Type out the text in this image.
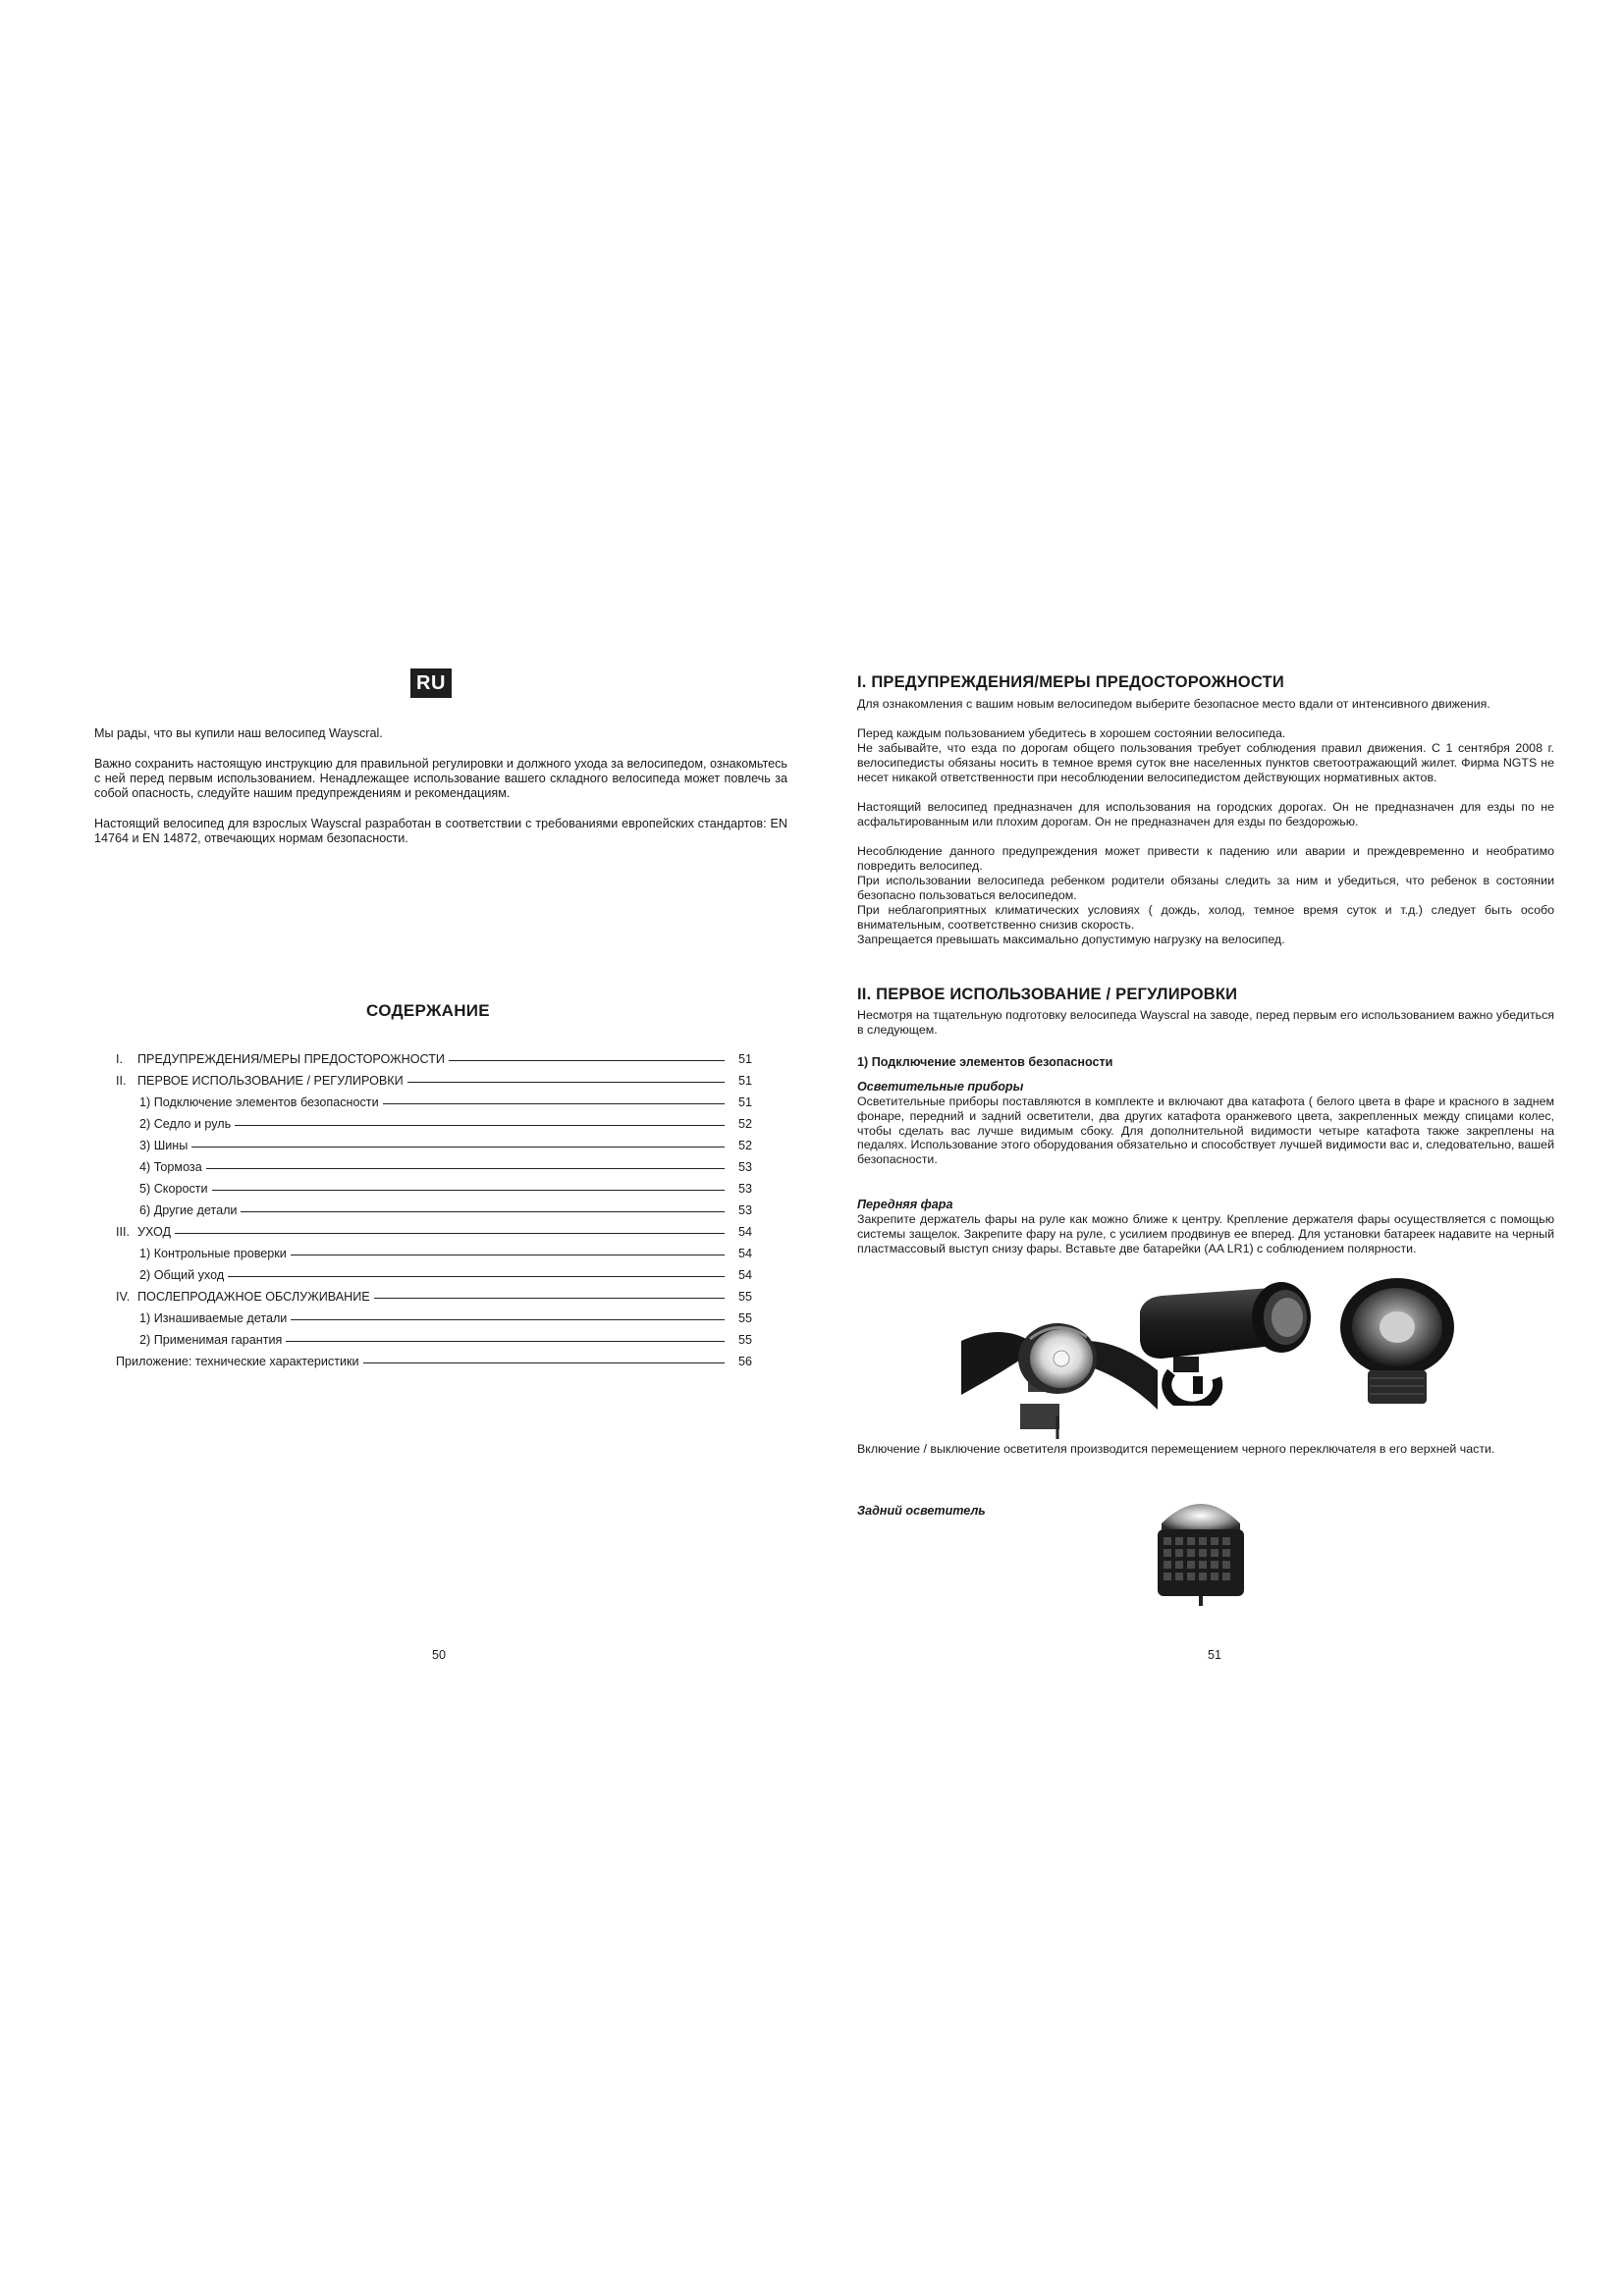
RU

Мы рады, что вы купили наш велосипед Wayscral.

Важно сохранить настоящую инструкцию для правильной регулировки и должного ухода за велосипедом, ознакомьтесь с ней перед первым использованием. Ненадлежащее использование вашего складного велосипеда может повлечь за собой опасность, следуйте нашим предупреждениям и рекомендациям.

Настоящий велосипед для взрослых Wayscral разработан в соответствии с требованиями европейских стандартов: EN 14764 и EN 14872, отвечающих нормам безопасности.

СОДЕРЖАНИЕ
I.	ПРЕДУПРЕЖДЕНИЯ/МЕРЫ ПРЕДОСТОРОЖНОСТИ	51
II. ПЕРВОЕ ИСПОЛЬЗОВАНИЕ / РЕГУЛИРОВКИ	51
1) Подключение элементов безопасности	51
2) Седло и руль	52
3) Шины	52
4) Тормоза	53
5) Скорости	53
6) Другие детали	53
III. УХОД	54
1) Контрольные проверки	54
2) Общий уход	54
IV. ПОСЛЕПРОДАЖНОЕ ОБСЛУЖИВАНИЕ	55
1) Изнашиваемые детали	55
2) Применимая гарантия	55
Приложение: технические характеристики	56
50
I. ПРЕДУПРЕЖДЕНИЯ/МЕРЫ ПРЕДОСТОРОЖНОСТИ

Для ознакомления с вашим новым велосипедом выберите безопасное место вдали от интенсивного движения.

Перед каждым пользованием убедитесь в хорошем состоянии велосипеда.

Не забывайте, что езда по дорогам общего пользования требует соблюдения правил движения. С 1 сентября 2008 г. велосипедисты обязаны носить в темное время суток вне населенных пунктов светоотражающий жилет. Фирма NGTS не несет никакой ответственности при несоблюдении велосипедистом действующих нормативных актов.

Настоящий велосипед предназначен для использования на городских дорогах. Он не предназначен для езды по не асфальтированным или плохим дорогам. Он не предназначен для езды по бездорожью.

Несоблюдение данного предупреждения может привести к падению или аварии и преждевременно и необратимо повредить велосипед.

При использовании велосипеда ребенком родители обязаны следить за ним и убедиться, что ребенок в состоянии безопасно пользоваться велосипедом.

При неблагоприятных климатических условиях ( дождь, холод, темное время суток и т.д.) следует быть особо внимательным, соответственно снизив скорость.

Запрещается превышать максимально допустимую нагрузку на велосипед.

II. ПЕРВОЕ ИСПОЛЬЗОВАНИЕ / РЕГУЛИРОВКИ

Несмотря на тщательную подготовку велосипеда Wayscral на заводе, перед первым его использованием важно убедиться в следующем.

1) Подключение элементов безопасности
Осветительные приборы

Осветительные приборы поставляются в комплекте и включают два катафота ( белого цвета в фаре и красного в заднем фонаре, передний и задний осветители, два других катафота оранжевого цвета, закрепленных между спицами колес, чтобы сделать вас лучше видимым сбоку. Для дополнительной видимости четыре катафота также закреплены на педалях. Использование этого оборудования обязательно и способствует лучшей видимости вас и, следовательно, вашей безопасности.

Передняя фара

Закрепите держатель фары на руле как можно ближе к центру. Крепление держателя фары осуществляется с помощью системы защелок. Закрепите фару на руле, с усилием продвинув ее вперед. Для установки батареек надавите на черный пластмассовый выступ снизу фары. Вставьте две батарейки (AA LR1) с соблюдением полярности.

Включение / выключение осветителя производится перемещением черного переключателя в его верхней части.

Задний осветитель
51
